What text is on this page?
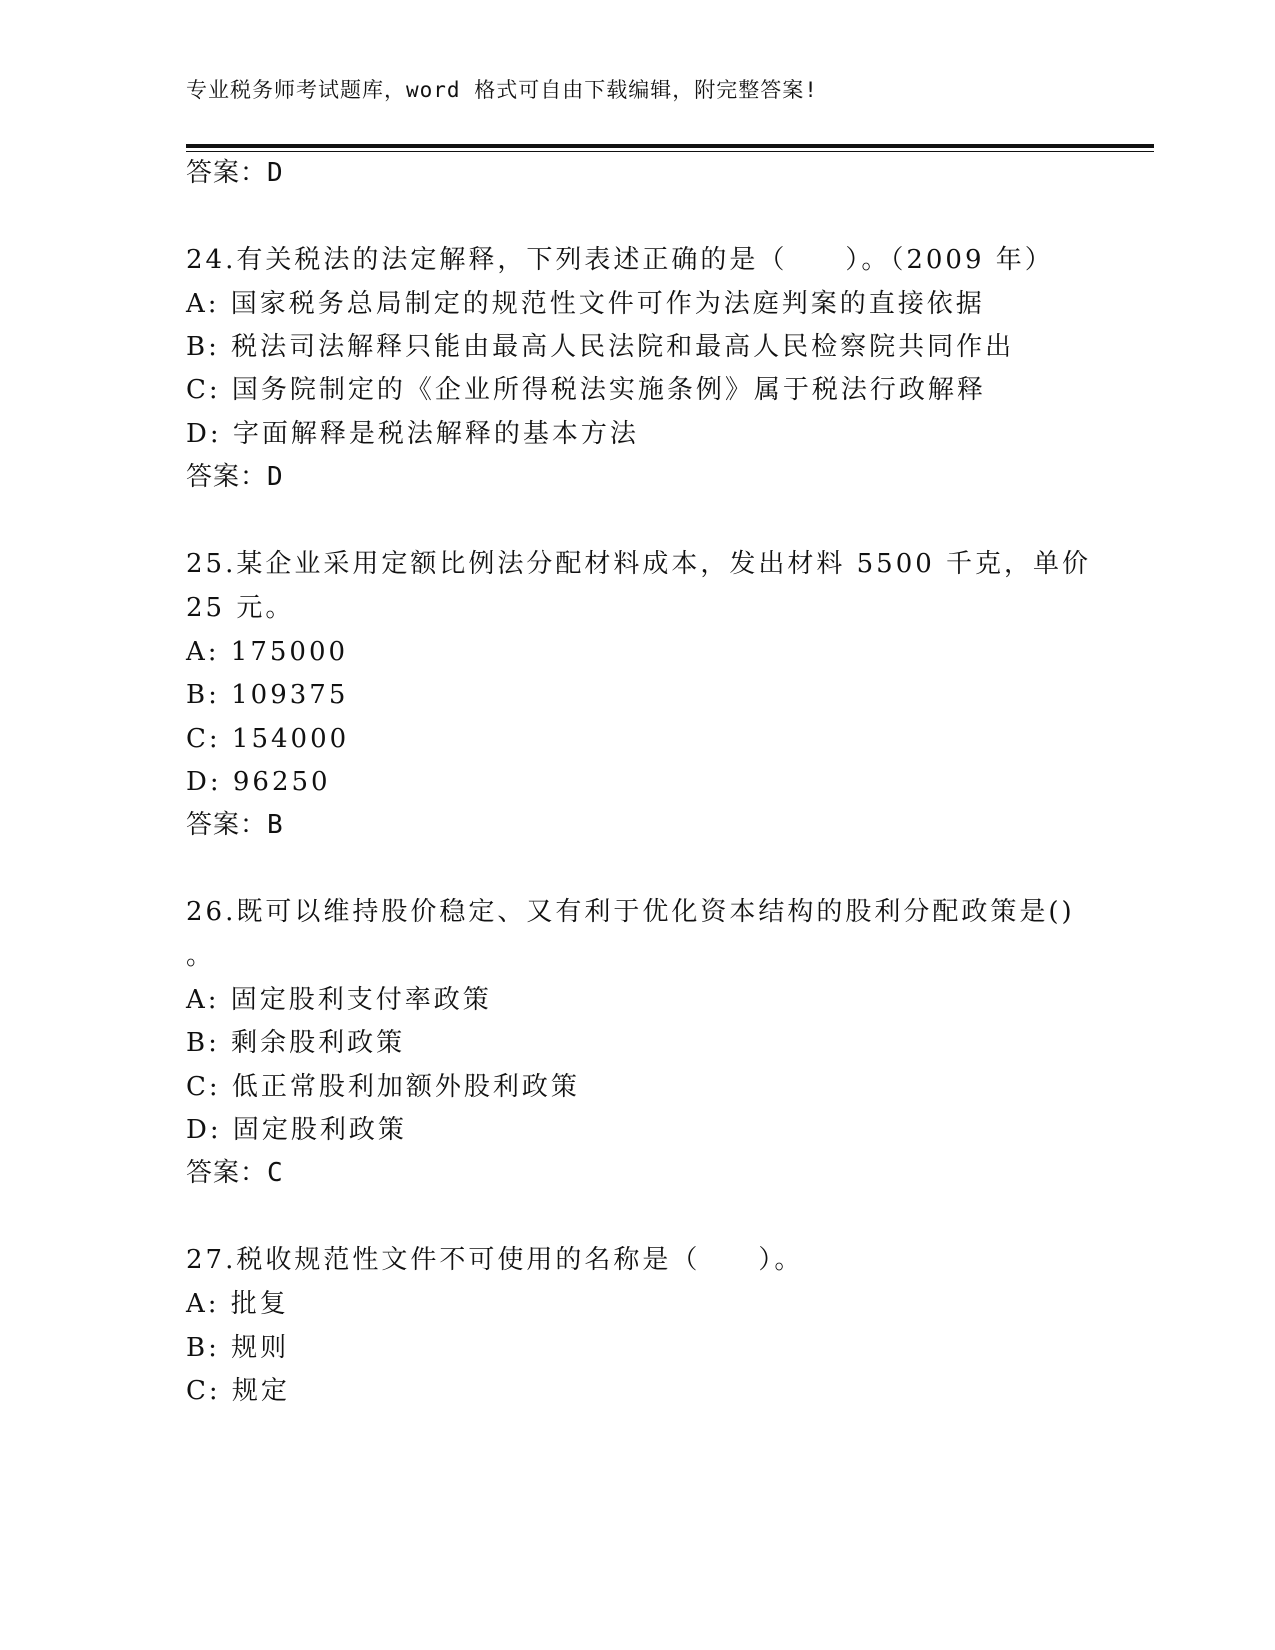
专业税务师考试题库，word 格式可自由下载编辑，附完整答案!
答案：D
24.有关税法的法定解释，下列表述正确的是（　　）。（2009 年）
A: 国家税务总局制定的规范性文件可作为法庭判案的直接依据
B: 税法司法解释只能由最高人民法院和最高人民检察院共同作出
C: 国务院制定的《企业所得税法实施条例》属于税法行政解释
D: 字面解释是税法解释的基本方法
答案：D
25.某企业采用定额比例法分配材料成本，发出材料 5500 千克，单价
25 元。
A: 175000
B: 109375
C: 154000
D: 96250
答案：B
26.既可以维持股价稳定、又有利于优化资本结构的股利分配政策是()
。
A: 固定股利支付率政策
B: 剩余股利政策
C: 低正常股利加额外股利政策
D: 固定股利政策
答案：C
27.税收规范性文件不可使用的名称是（　　）。
A: 批复
B: 规则
C: 规定
